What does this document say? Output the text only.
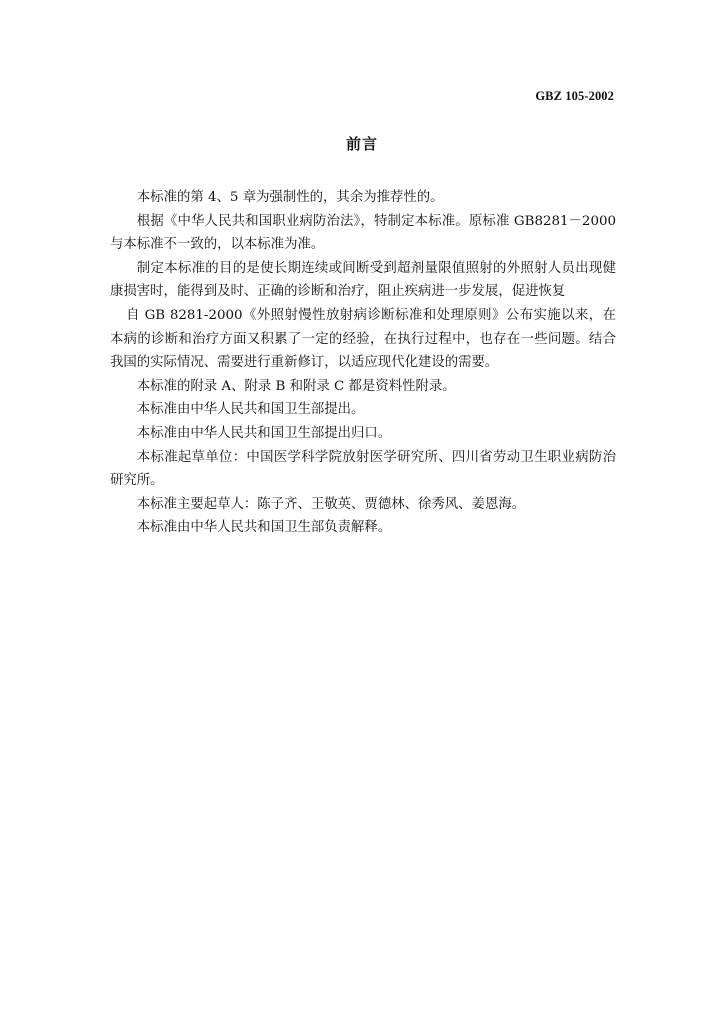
GBZ 105-2002
前言

本标准的第 4、5 章为强制性的，其余为推荐性的。

根据《中华人民共和国职业病防治法》，特制定本标准。原标准 GB8281－2000 与本标准不一致的，以本标准为准。

制定本标准的目的是使长期连续或间断受到超剂量限值照射的外照射人员出现健康损害时，能得到及时、正确的诊断和治疗，阻止疾病进一步发展，促进恢复

自 GB 8281-2000《外照射慢性放射病诊断标准和处理原则》公布实施以来，在本病的诊断和治疗方面又积累了一定的经验，在执行过程中，也存在一些问题。结合我国的实际情况、需要进行重新修订，以适应现代化建设的需要。

本标准的附录 A、附录 B 和附录 C 都是资料性附录。

本标准由中华人民共和国卫生部提出。

本标准由中华人民共和国卫生部提出归口。

本标准起草单位：中国医学科学院放射医学研究所、四川省劳动卫生职业病防治研究所。

本标准主要起草人：陈子齐、王敬英、贾德林、徐秀风、姜恩海。

本标准由中华人民共和国卫生部负责解释。
